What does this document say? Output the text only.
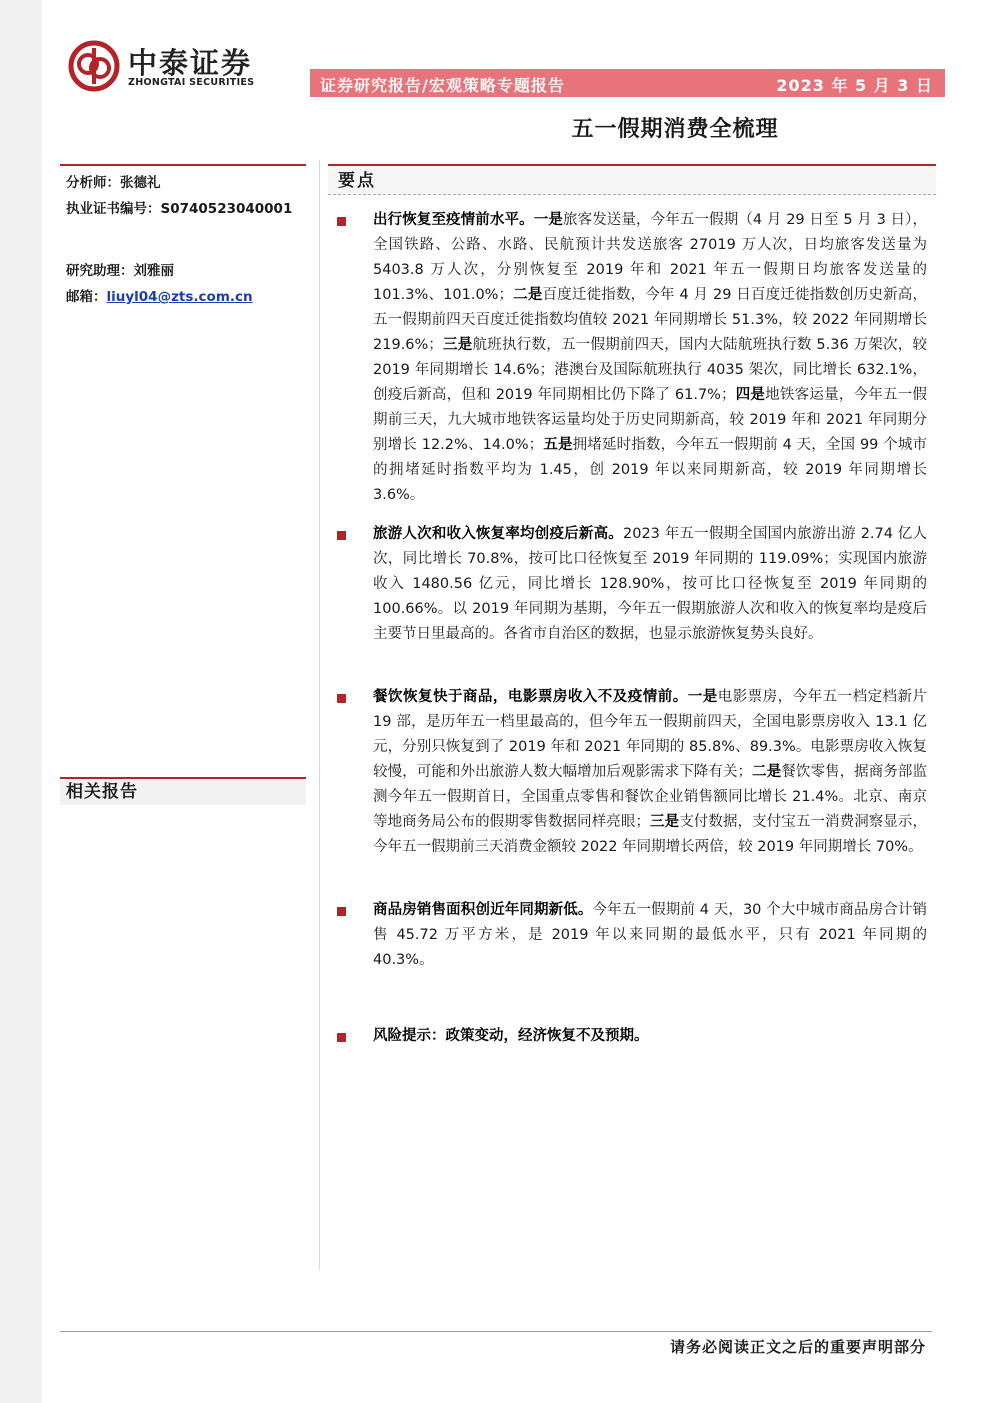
中泰证券
ZHONGTAI SECURITIES	证券研究报告/宏观策略专题报告	2023 年 5 月 3 日
五一假期消费全梳理
分析师：张德礼
执业证书编号：S0740523040001
研究助理：刘雅丽
邮箱：liuyl04@zts.com.cn
相关报告
要点
出行恢复至疫情前水平。一是旅客发送量，今年五一假期（4 月 29 日至 5 月 3 日），全国铁路、公路、水路、民航预计共发送旅客 27019 万人次，日均旅客发送量为 5403.8 万人次，分别恢复至 2019 年和 2021 年五一假期日均旅客发送量的 101.3%、101.0%；二是百度迁徙指数，今年 4 月 29 日百度迁徙指数创历史新高，五一假期前四天百度迁徙指数均值较 2021 年同期增长 51.3%，较 2022 年同期增长 219.6%；三是航班执行数，五一假期前四天，国内大陆航班执行数 5.36 万架次，较 2019 年同期增长 14.6%；港澳台及国际航班执行 4035 架次，同比增长 632.1%，创疫后新高，但和 2019 年同期相比仍下降了 61.7%；四是地铁客运量，今年五一假期前三天，九大城市地铁客运量均处于历史同期新高，较 2019 年和 2021 年同期分别增长 12.2%、14.0%；五是拥堵延时指数，今年五一假期前 4 天，全国 99 个城市的拥堵延时指数平均为 1.45，创 2019 年以来同期新高，较 2019 年同期增长 3.6%。
旅游人次和收入恢复率均创疫后新高。2023 年五一假期全国国内旅游出游 2.74 亿人次，同比增长 70.8%，按可比口径恢复至 2019 年同期的 119.09%；实现国内旅游收入 1480.56 亿元，同比增长 128.90%，按可比口径恢复至 2019 年同期的 100.66%。以 2019 年同期为基期，今年五一假期旅游人次和收入的恢复率均是疫后主要节日里最高的。各省市自治区的数据，也显示旅游恢复势头良好。
餐饮恢复快于商品，电影票房收入不及疫情前。一是电影票房，今年五一档定档新片 19 部，是历年五一档里最高的，但今年五一假期前四天，全国电影票房收入 13.1 亿元，分别只恢复到了 2019 年和 2021 年同期的 85.8%、89.3%。电影票房收入恢复较慢，可能和外出旅游人数大幅增加后观影需求下降有关；二是餐饮零售，据商务部监测今年五一假期首日，全国重点零售和餐饮企业销售额同比增长 21.4%。北京、南京等地商务局公布的假期零售数据同样亮眼；三是支付数据，支付宝五一消费洞察显示，今年五一假期前三天消费金额较 2022 年同期增长两倍，较 2019 年同期增长 70%。
商品房销售面积创近年同期新低。今年五一假期前 4 天，30 个大中城市商品房合计销售 45.72 万平方米，是 2019 年以来同期的最低水平，只有 2021 年同期的 40.3%。
风险提示：政策变动，经济恢复不及预期。
请务必阅读正文之后的重要声明部分
